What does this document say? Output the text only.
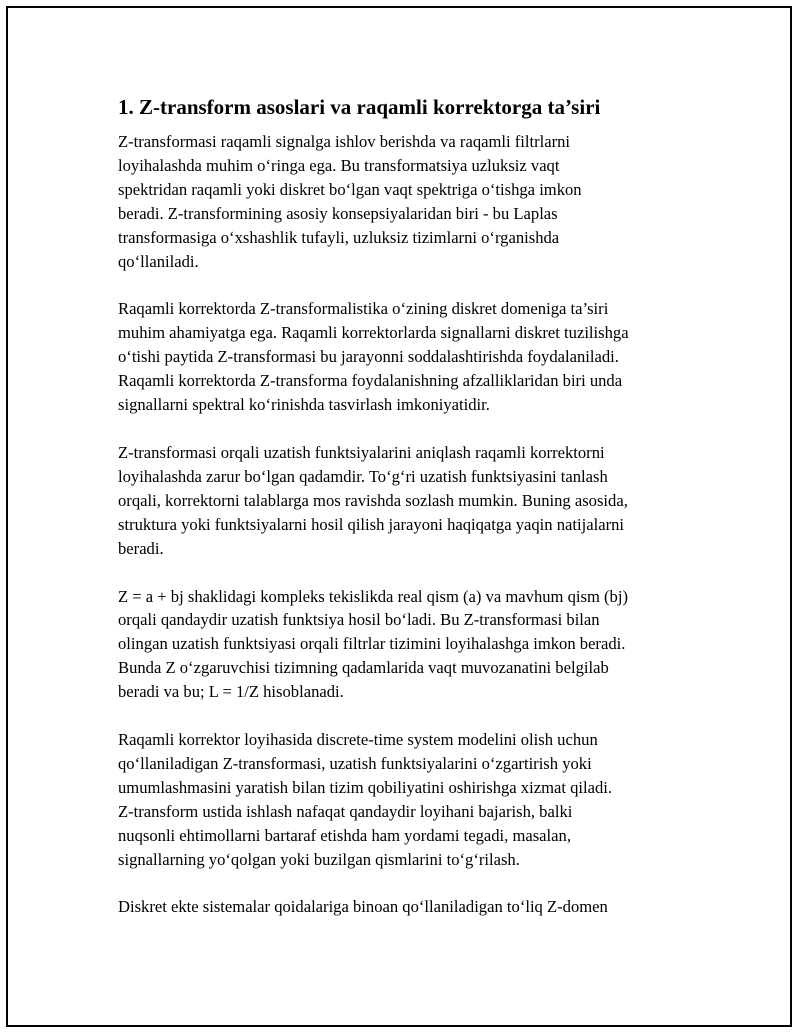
1. Z-transform asoslari va raqamli korrektorga ta’siri

Z-transformasi raqamli signalga ishlov berishda va raqamli filtrlarni
loyihalashda muhim o‘ringa ega. Bu transformatsiya uzluksiz vaqt
spektridan raqamli yoki diskret bo‘lgan vaqt spektriga o‘tishga imkon
beradi. Z-transformining asosiy konsepsiyalaridan biri - bu Laplas
transformasiga o‘xshashlik tufayli, uzluksiz tizimlarni o‘rganishda
qo‘llaniladi.

Raqamli korrektorda Z-transformalistika o‘zining diskret domeniga ta’siri
muhim ahamiyatga ega. Raqamli korrektorlarda signallarni diskret tuzilishga
o‘tishi paytida Z-transformasi bu jarayonni soddalashtirishda foydalaniladi.
Raqamli korrektorda Z-transforma foydalanishning afzalliklaridan biri unda
signallarni spektral ko‘rinishda tasvirlash imkoniyatidir.

Z-transformasi orqali uzatish funktsiyalarini aniqlash raqamli korrektorni
loyihalashda zarur bo‘lgan qadamdir. To‘g‘ri uzatish funktsiyasini tanlash
orqali, korrektorni talablarga mos ravishda sozlash mumkin. Buning asosida,
struktura yoki funktsiyalarni hosil qilish jarayoni haqiqatga yaqin natijalarni
beradi.

Z = a + bj shaklidagi kompleks tekislikda real qism (a) va mavhum qism (bj)
orqali qandaydir uzatish funktsiya hosil bo‘ladi. Bu Z-transformasi bilan
olingan uzatish funktsiyasi orqali filtrlar tizimini loyihalashga imkon beradi.
Bunda Z o‘zgaruvchisi tizimning qadamlarida vaqt muvozanatini belgilab
beradi va bu; L = 1/Z hisoblanadi.

Raqamli korrektor loyihasida discrete-time system modelini olish uchun
qo‘llaniladigan Z-transformasi, uzatish funktsiyalarini o‘zgartirish yoki
umumlashmasini yaratish bilan tizim qobiliyatini oshirishga xizmat qiladi.
Z-transform ustida ishlash nafaqat qandaydir loyihani bajarish, balki
nuqsonli ehtimollarni bartaraf etishda ham yordami tegadi, masalan,
signallarning yo‘qolgan yoki buzilgan qismlarini to‘g‘rilash.

Diskret ekte sistemalar qoidalariga binoan qo‘llaniladigan to‘liq Z-domen
